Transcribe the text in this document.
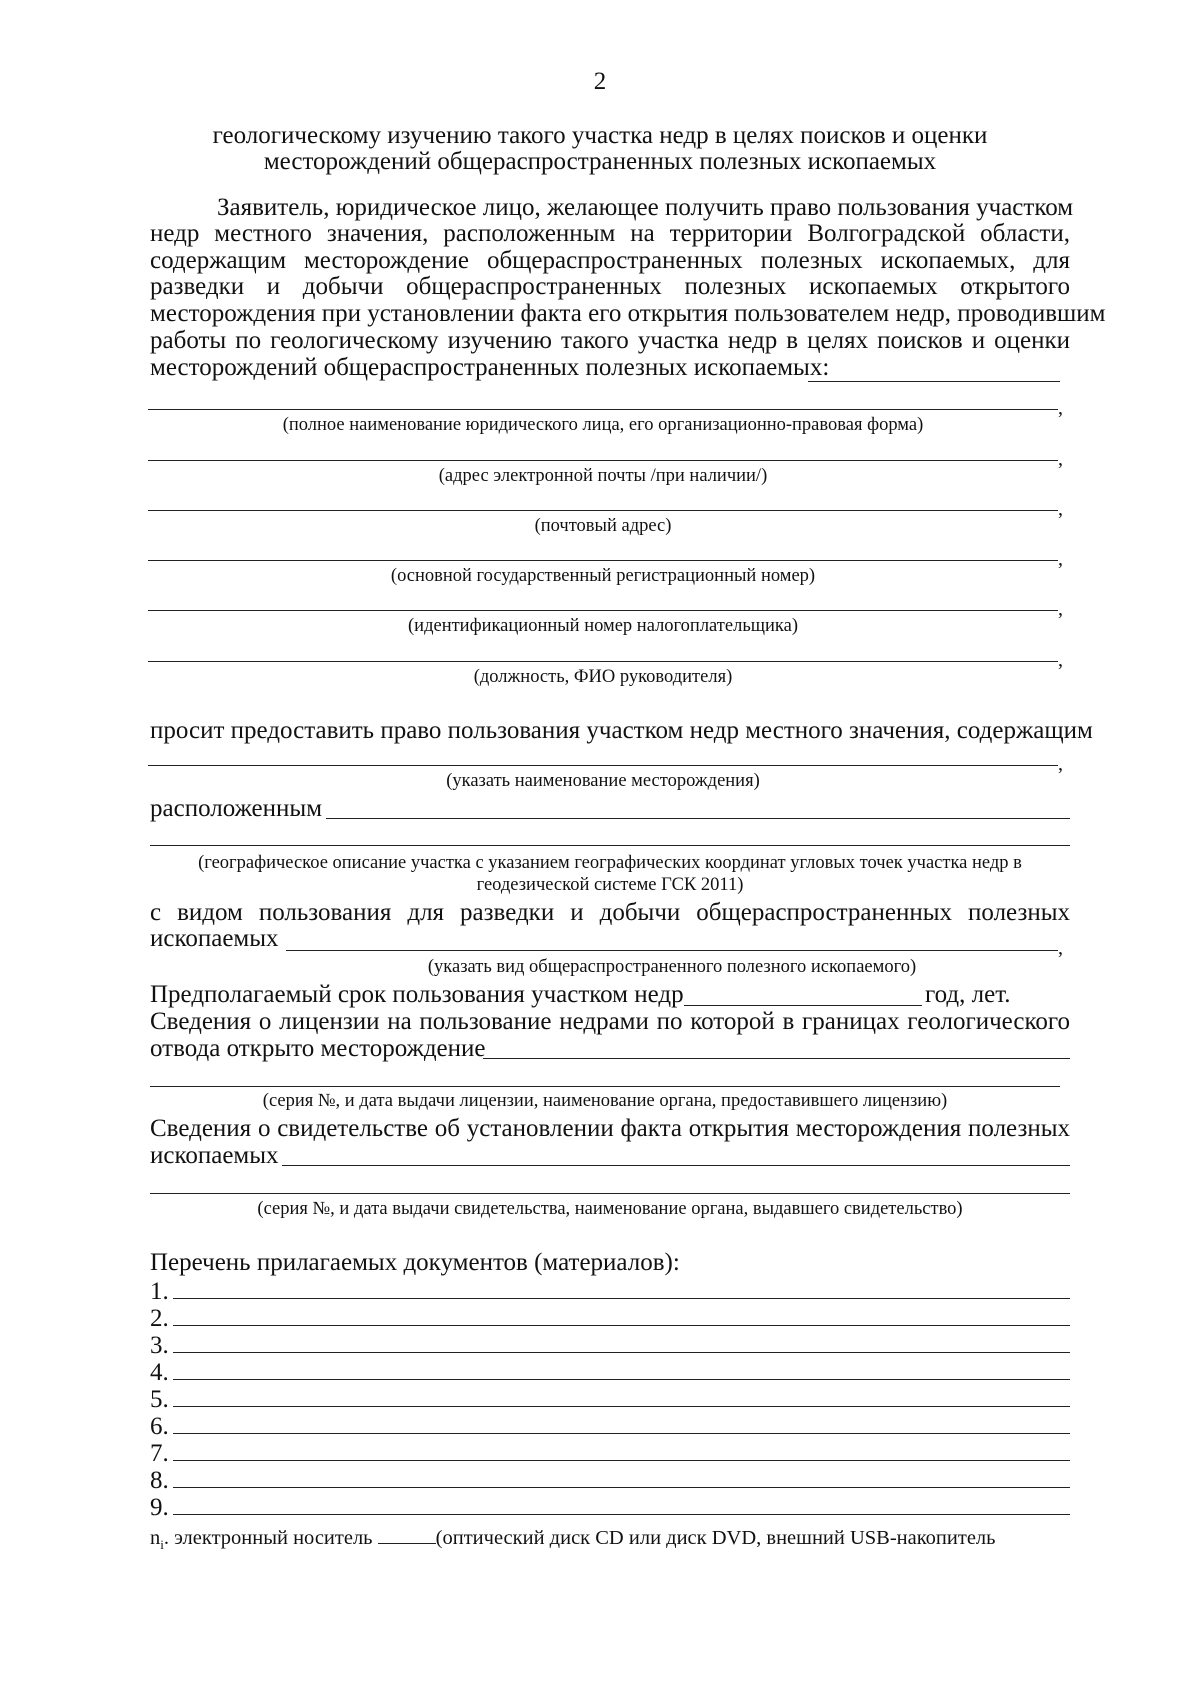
2
геологическому изучению такого участка недр в целях поисков и оценки
месторождений общераспространенных полезных ископаемых
Заявитель, юридическое лицо, желающее получить право пользования участком
недр местного значения, расположенным на территории Волгоградской области,
содержащим месторождение общераспространенных полезных ископаемых, для
разведки и добычи общераспространенных полезных ископаемых открытого
месторождения при установлении факта его открытия пользователем недр, проводившим
работы по геологическому изучению такого участка недр в целях поисков и оценки
месторождений общераспространенных полезных ископаемых:
,
(полное наименование юридического лица, его организационно-правовая форма)
,
(адрес электронной почты /при наличии/)
,
(почтовый адрес)
,
(основной государственный регистрационный номер)
,
(идентификационный номер налогоплательщика)
,
(должность, ФИО руководителя)
просит предоставить право пользования участком недр местного значения, содержащим
,
(указать наименование месторождения)
расположенным
(географическое описание участка с указанием географических координат угловых точек участка недр в
геодезической системе ГСК 2011)
с видом пользования для разведки и добычи общераспространенных полезных
ископаемых	,
(указать вид общераспространенного полезного ископаемого)
Предполагаемый срок пользования участком недр	год, лет.
Сведения о лицензии на пользование недрами по которой в границах геологического
отвода открыто месторождение
(серия №, и дата выдачи лицензии, наименование органа, предоставившего лицензию)
Сведения о свидетельстве об установлении факта открытия месторождения полезных
ископаемых
(серия №, и дата выдачи свидетельства, наименование органа, выдавшего свидетельство)
Перечень прилагаемых документов (материалов):
1.
2.
3.
4.
5.
6.
7.
8.
9.
$n_i$. электронный носитель	(оптический диск CD или диск DVD, внешний USB-накопитель
